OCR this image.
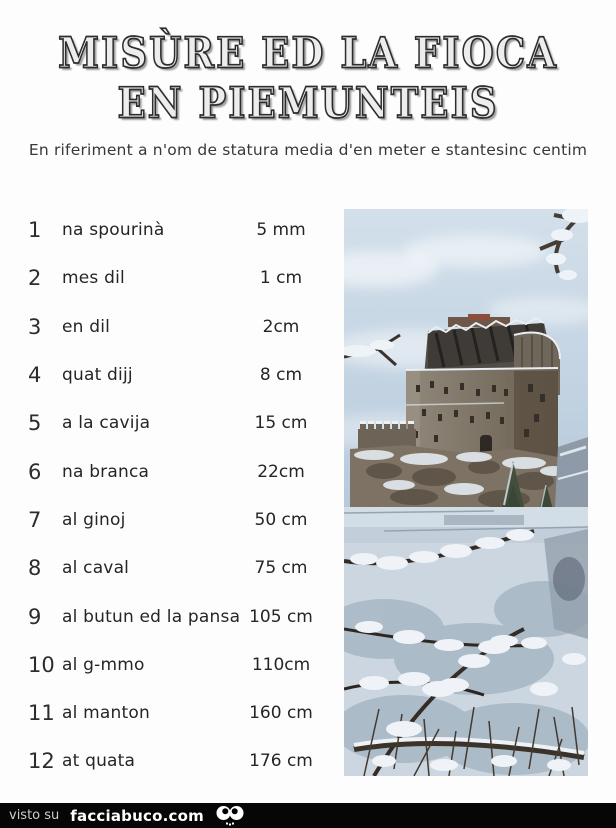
MISÙRE ED LA FIOCA
EN PIEMUNTEIS
En riferiment a n'om de statura media d'en meter e stantesinc centim
1	na spourinà	5 mm
2	mes dil	1 cm
3	en dil	2cm
4	quat dijj	8 cm
5	a la cavija	15 cm
6	na branca	22cm
7	al ginoj	50 cm
8	al caval	75 cm
9	al butun ed la pansa 105 cm
10 al g-mmo	110cm
11 al manton	160 cm
12 at quata	176 cm
visto su facciabuco.com
